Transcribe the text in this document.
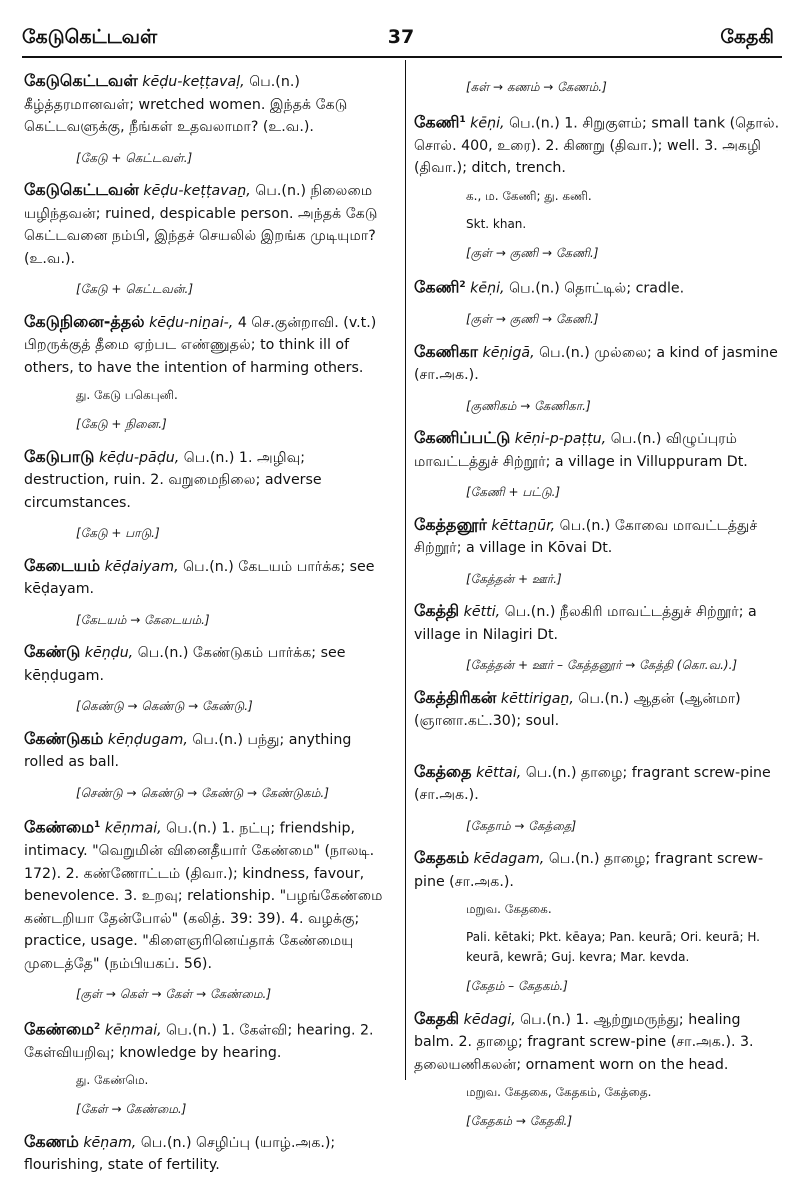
கேடுகெட்டவள்	37	கேதகி
கேடுகெட்டவள் kēḍu-keṭṭavaḷ, பெ.(n.) கீழ்த்தரமானவள்; wretched women. இந்தக் கேடு கெட்டவளுக்கு, நீங்கள் உதவலாமா? (உ.வ.).
[கேடு + கெட்டவள்.]
கேடுகெட்டவன் kēḍu-keṭṭavaṉ, பெ.(n.) நிலைமை யழிந்தவன்; ruined, despicable person. அந்தக் கேடு கெட்டவனை நம்பி, இந்தச் செயலில் இறங்க முடியுமா? (உ.வ.).
[கேடு + கெட்டவன்.]
கேடுநினை-த்தல் kēḍu-niṉai-, 4 செ.குன்றாவி. (v.t.) பிறருக்குத் தீமை ஏற்பட எண்ணுதல்; to think ill of others, to have the intention of harming others.
து. கேடு பகெபுனி.
[கேடு + நினை.]
கேடுபாடு kēḍu-pāḍu, பெ.(n.) 1. அழிவு; destruction, ruin. 2. வறுமைநிலை; adverse circumstances.
[கேடு + பாடு.]
கேடையம் kēḍaiyam, பெ.(n.) கேடயம் பார்க்க; see kēḍayam.
[கேடயம் → கேடையம்.]
கேண்டு kēṇḍu, பெ.(n.) கேண்டுகம் பார்க்க; see kēṇḍugam.
[கெண்டு → கெண்டு → கேண்டு.]
கேண்டுகம் kēṇḍugam, பெ.(n.) பந்து; anything rolled as ball.
[செண்டு → கெண்டு → கேண்டு → கேண்டுகம்.]
கேண்மை$^1$ kēṇmai, பெ.(n.) 1. நட்பு; friendship, intimacy. "வெறுமின் வினைதீயார் கேண்மை" (நாலடி. 172). 2. கண்ணோட்டம் (திவா.); kindness, favour, benevolence. 3. உறவு; relationship. "பழங்கேண்மை கண்டறியா தேன்போல்" (கலித். 39: 39). 4. வழக்கு; practice, usage. "கிளைஞரினெய்தாக் கேண்மையு முடைத்தே" (நம்பியகப். 56).
[குள் → கெள் → கேள் → கேண்மை.]
கேண்மை$^2$ kēṇmai, பெ.(n.) 1. கேள்வி; hearing. 2. கேள்வியறிவு; knowledge by hearing.
து. கேண்மெ.
[கேள் → கேண்மை.]
கேணம் kēṇam, பெ.(n.) செழிப்பு (யாழ்.அக.); flourishing, state of fertility.
[கள் → கணம் → கேணம்.]
கேணி$^1$ kēṇi, பெ.(n.) 1. சிறுகுளம்; small tank (தொல். சொல். 400, உரை). 2. கிணறு (திவா.); well. 3. அகழி (திவா.); ditch, trench.
க., ம. கேணி; து. கணி.
Skt. khan.
[குள் → குணி → கேணி.]
கேணி$^2$ kēṇi, பெ.(n.) தொட்டில்; cradle.
[குள் → குணி → கேணி.]
கேணிகா kēṇigā, பெ.(n.) முல்லை; a kind of jasmine (சா.அக.).
[குணிகம் → கேணிகா.]
கேணிப்பட்டு kēṇi-p-paṭṭu, பெ.(n.) விழுப்புரம் மாவட்டத்துச் சிற்றூர்; a village in Villuppuram Dt.
[கேணி + பட்டு.]
கேத்தனூர் kēttaṉūr, பெ.(n.) கோவை மாவட்டத்துச் சிற்றூர்; a village in Kōvai Dt.
[கேத்தன் + ஊர்.]
கேத்தி kētti, பெ.(n.) நீலகிரி மாவட்டத்துச் சிற்றூர்; a village in Nilagiri Dt.
[கேத்தன் + ஊர் – கேத்தனூர் → கேத்தி (கொ.வ.).]
கேத்திரிகன் kēttirigaṉ, பெ.(n.) ஆதன் (ஆன்மா) (ஞானா.கட்.30); soul.
கேத்தை kēttai, பெ.(n.) தாழை; fragrant screw-pine (சா.அக.).
[கேதாம் → கேத்தை]
கேதகம் kēdagam, பெ.(n.) தாழை; fragrant screw-pine (சா.அக.).
மறுவ. கேதகை.
Pali. kētaki; Pkt. kēaya; Pan. keurā; Ori. keurā; H. keurā, kewrā; Guj. kevra; Mar. kevda.
[கேதம் – கேதகம்.]
கேதகி kēdagi, பெ.(n.) 1. ஆற்றுமருந்து; healing balm. 2. தாழை; fragrant screw-pine (சா.அக.). 3. தலையணிகலன்; ornament worn on the head.
மறுவ. கேதகை, கேதகம், கேத்தை.
[கேதகம் → கேதகி.]
